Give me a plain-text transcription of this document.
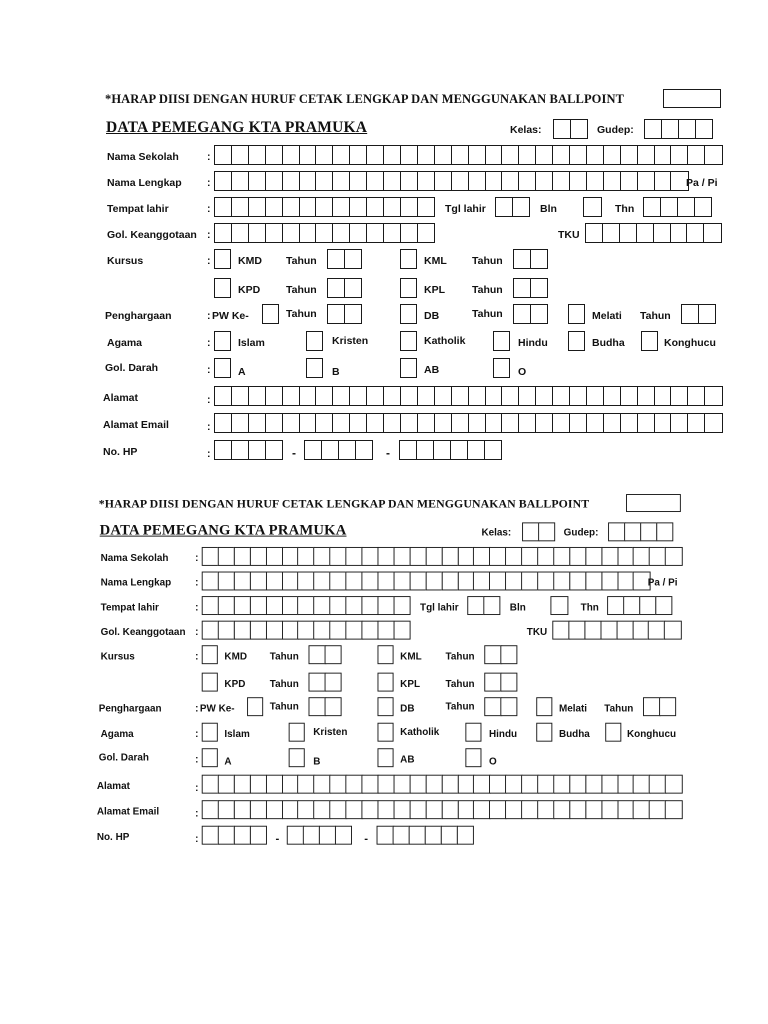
*HARAP DIISI DENGAN HURUF CETAK LENGKAP DAN MENGGUNAKAN BALLPOINT
DATA PEMEGANG KTA PRAMUKA	Kelas:	Gudep:
Nama Sekolah	:
Nama Lengkap :	Pa / Pi
Tempat lahir	:	Tgl lahir	Bln	Thn
Gol. Keanggotaan :	TKU
Kursus	:	KMD Tahun	KML Tahun
KPD Tahun	KPL	Tahun
Penghargaan	: PW Ke-	Tahun	DB	Tahun	Melati Tahun
Agama	:	Islam	Kristen	Katholik	Hindu	Budha	Konghucu
Gol. Darah	:	A	B	AB	O
Alamat	:
Alamat Email	:
No. HP	:	-	-
*HARAP DIISI DENGAN HURUF CETAK LENGKAP DAN MENGGUNAKAN BALLPOINT
DATA PEMEGANG KTA PRAMUKA	Kelas:	Gudep:
Nama Sekolah	:
Nama Lengkap :	Pa / Pi
Tempat lahir	:	Tgl lahir	Bln	Thn
Gol. Keanggotaan :	TKU
Kursus	: KMD Tahun	KML Tahun
KPD Tahun	KPL Tahun
Penghargaan	: PW Ke-	Tahun	DB	Tahun	Melati Tahun
Agama	: Islam	Kristen	Katholik	Hindu	Budha	Konghucu
Gol. Darah	: A	B	AB	O
Alamat	:
Alamat Email	:
No. HP	:	-	-
